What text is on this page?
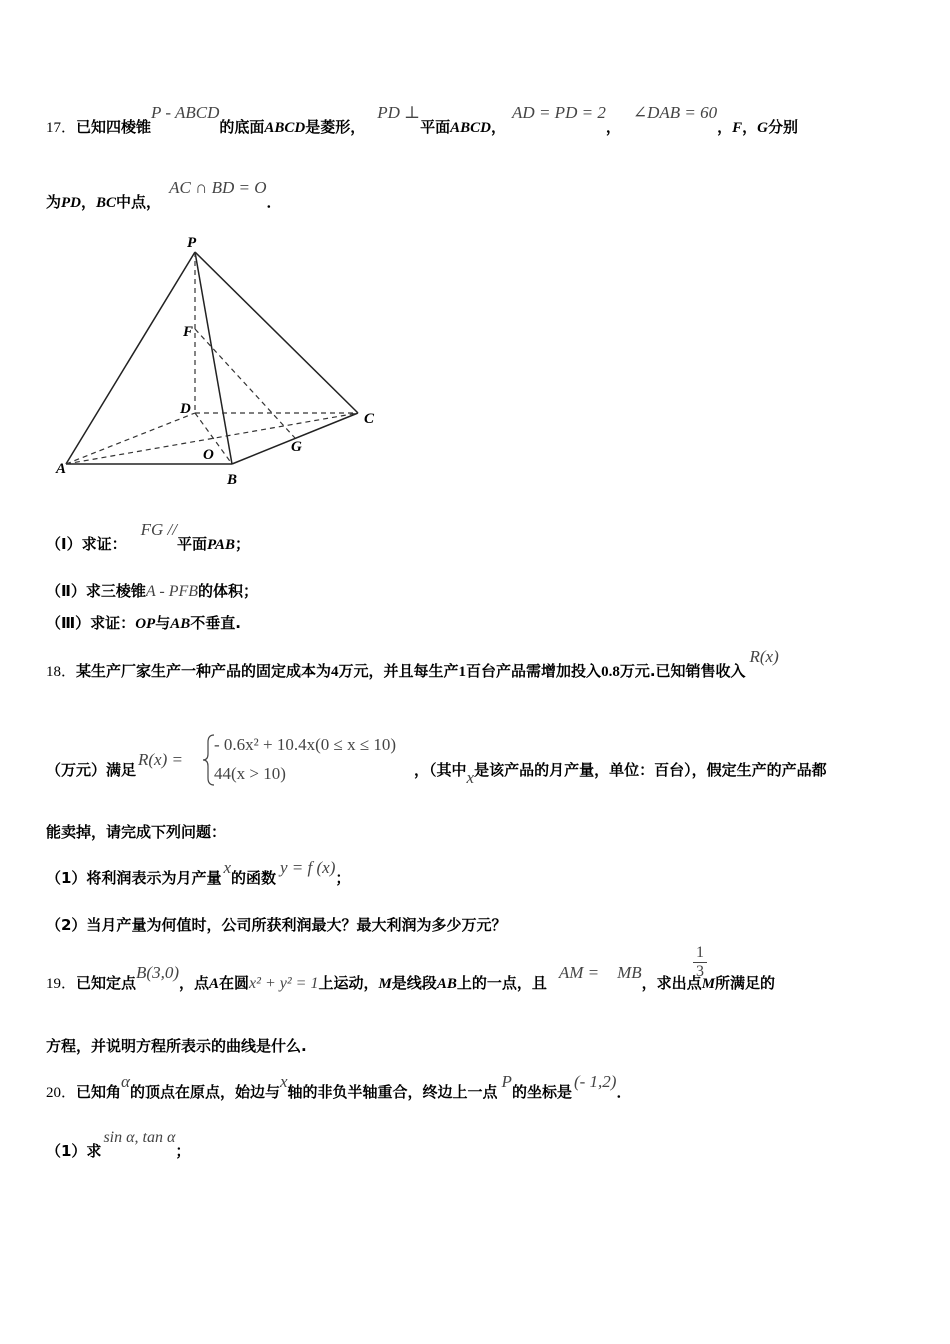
17．已知四棱锥P - ABCD的底面ABCD是菱形，PD ⊥平面ABCD，AD = PD = 2，∠DAB = 60，F，G分别
为PD，BC中点，AC ∩ BD = O．
P
F
D
C
G
A
O
B
（Ⅰ）求证：FG //平面PAB；
（Ⅱ）求三棱锥A - PFB的体积；
（Ⅲ）求证：OP与AB不垂直.
18．某生产厂家生产一种产品的固定成本为4万元，并且每生产1百台产品需增加投入0.8万元.已知销售收入R(x)
（万元）满足R(x) =
- 0.6x² + 10.4x(0 ≤ x ≤ 10)
44(x > 10)	，（其中x是该产品的月产量，单位：百台），假定生产的产品都
能卖掉，请完成下列问题：
（1）将利润表示为月产量x的函数y = f (x)；
（2）当月产量为何值时，公司所获利润最大？最大利润为多少万元？
19．已知定点B(3,0)，点A在圆x² + y² = 1上运动，M是线段AB上的一点，且AM = MB，求出点M所满足的
1
3
方程，并说明方程所表示的曲线是什么.
20．已知角α的顶点在原点，始边与x轴的非负半轴重合，终边上一点P的坐标是(- 1,2)．
（1）求sin α, tan α；
